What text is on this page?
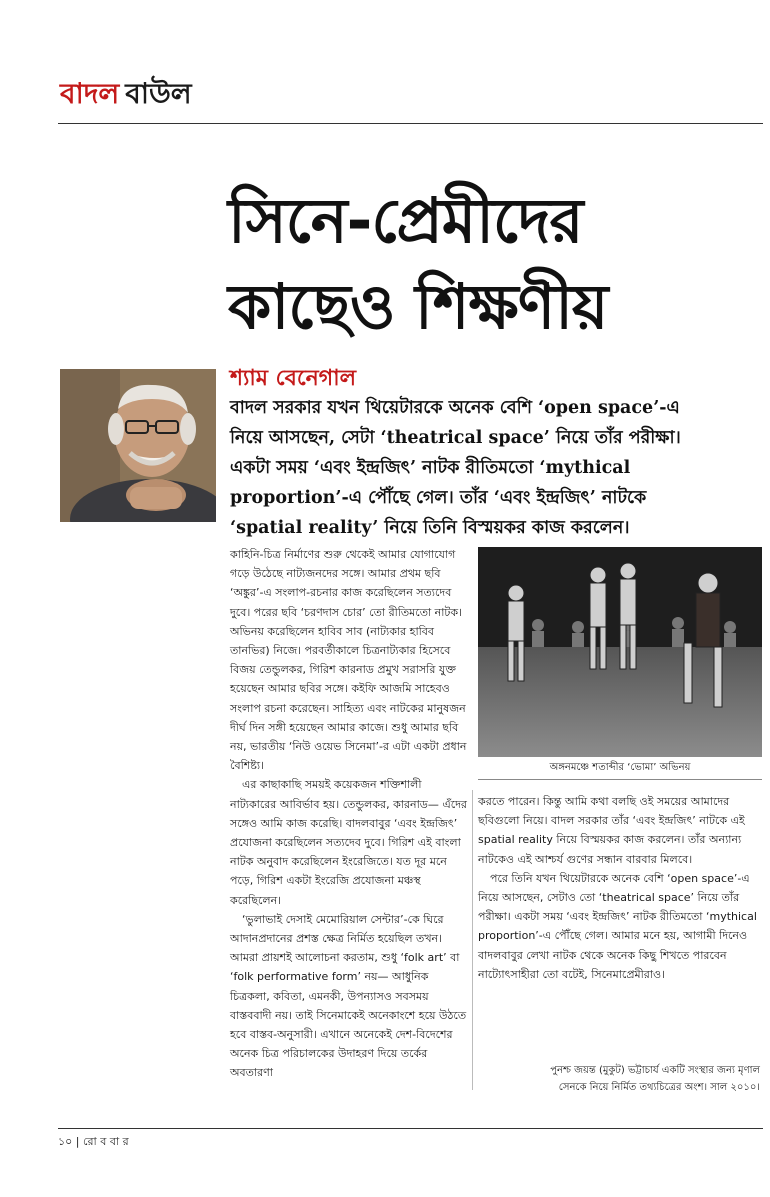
বাদল বাউল
সিনে-প্রেমীদের
কাছেও শিক্ষণীয়
শ্যাম বেনেগাল

বাদল সরকার যখন থিয়েটারকে অনেক বেশি ‘open space’-এ

নিয়ে আসছেন, সেটা ‘theatrical space’ নিয়ে তাঁর পরীক্ষা।

একটা সময় ‘এবং ইন্দ্রজিৎ’ নাটক রীতিমতো ‘mythical

proportion’-এ পৌঁছে গেল। তাঁর ‘এবং ইন্দ্রজিৎ’ নাটকে

‘spatial reality’ নিয়ে তিনি বিস্ময়কর কাজ করলেন।

কাহিনি-চিত্র নির্মাণের শুরু থেকেই আমার যোগাযোগ গড়ে উঠেছে নাট্যজনদের সঙ্গে। আমার প্রথম ছবি ‘অঙ্কুর’-এ সংলাপ-রচনার কাজ করেছিলেন সত্যদেব দুবে। পরের ছবি ‘চরণদাস চোর’ তো রীতিমতো নাটক। অভিনয় করেছিলেন হাবিব সাব (নাট্যকার হাবিব তানভির) নিজে। পরবর্তীকালে চিত্রনাট্যকার হিসেবে বিজয় তেন্ডুলকর, গিরিশ কারনাড প্রমুখ সরাসরি যুক্ত হয়েছেন আমার ছবির সঙ্গে। কইফি আজমি সাহেবও সংলাপ রচনা করেছেন। সাহিত্য এবং নাটকের মানুষজন দীর্ঘ দিন সঙ্গী হয়েছেন আমার কাজে। শুধু আমার ছবি নয়, ভারতীয় ‘নিউ ওয়েভ সিনেমা’-র এটা একটা প্রধান বৈশিষ্ট্য।

এর কাছাকাছি সময়ই কয়েকজন শক্তিশালী নাট্যকারের আবির্ভাব হয়। তেন্ডুলকর, কারনাড— এঁদের সঙ্গেও আমি কাজ করেছি। বাদলবাবুর ‘এবং ইন্দ্রজিৎ’ প্রযোজনা করেছিলেন সত্যদেব দুবে। গিরিশ এই বাংলা নাটক অনুবাদ করেছিলেন ইংরেজিতে। যত দূর মনে পড়ে, গিরিশ একটা ইংরেজি প্রযোজনা মঞ্চস্থ করেছিলেন।

‘ভুলাভাই দেসাই মেমোরিয়াল সেন্টার’-কে ঘিরে আদানপ্রদানের প্রশস্ত ক্ষেত্র নির্মিত হয়েছিল তখন। আমরা প্রায়শই আলোচনা করতাম, শুধু ‘folk art’ বা ‘folk performative form’ নয়— আধুনিক চিত্রকলা, কবিতা, এমনকী, উপন্যাসও সবসময় বাস্তববাদী নয়। তাই সিনেমাকেই অনেকাংশে হয়ে উঠতে হবে বাস্তব-অনুসারী। এখানে অনেকেই দেশ-বিদেশের অনেক চিত্র পরিচালকের উদাহরণ দিয়ে তর্কের অবতারণা

অঙ্গনমঞ্চে শতাব্দীর ‘ভোমা’ অভিনয়

করতে পারেন। কিন্তু আমি কথা বলছি ওই সময়ের আমাদের ছবিগুলো নিয়ে। বাদল সরকার তাঁর ‘এবং ইন্দ্রজিৎ’ নাটকে এই spatial reality নিয়ে বিস্ময়কর কাজ করলেন। তাঁর অন্যান্য নাটকেও এই আশ্চর্য গুণের সন্ধান বারবার মিলবে।

পরে তিনি যখন থিয়েটারকে অনেক বেশি ‘open space’-এ নিয়ে আসছেন, সেটাও তো ‘theatrical space’ নিয়ে তাঁর পরীক্ষা। একটা সময় ‘এবং ইন্দ্রজিৎ’ নাটক রীতিমতো ‘mythical proportion’-এ পৌঁছে গেল। আমার মনে হয়, আগামী দিনেও বাদলবাবুর লেখা নাটক থেকে অনেক কিছু শিখতে পারবেন নাট্যোৎসাহীরা তো বটেই, সিনেমাপ্রেমীরাও।

পুনশ্চ জয়ন্ত (মুকুট) ভট্টাচার্য একটি সংস্থার জন্য মৃণাল
সেনকে নিয়ে নির্মিত তথ্যচিত্রের অংশ। সাল ২০১০।
১০ | রো ব বা র
